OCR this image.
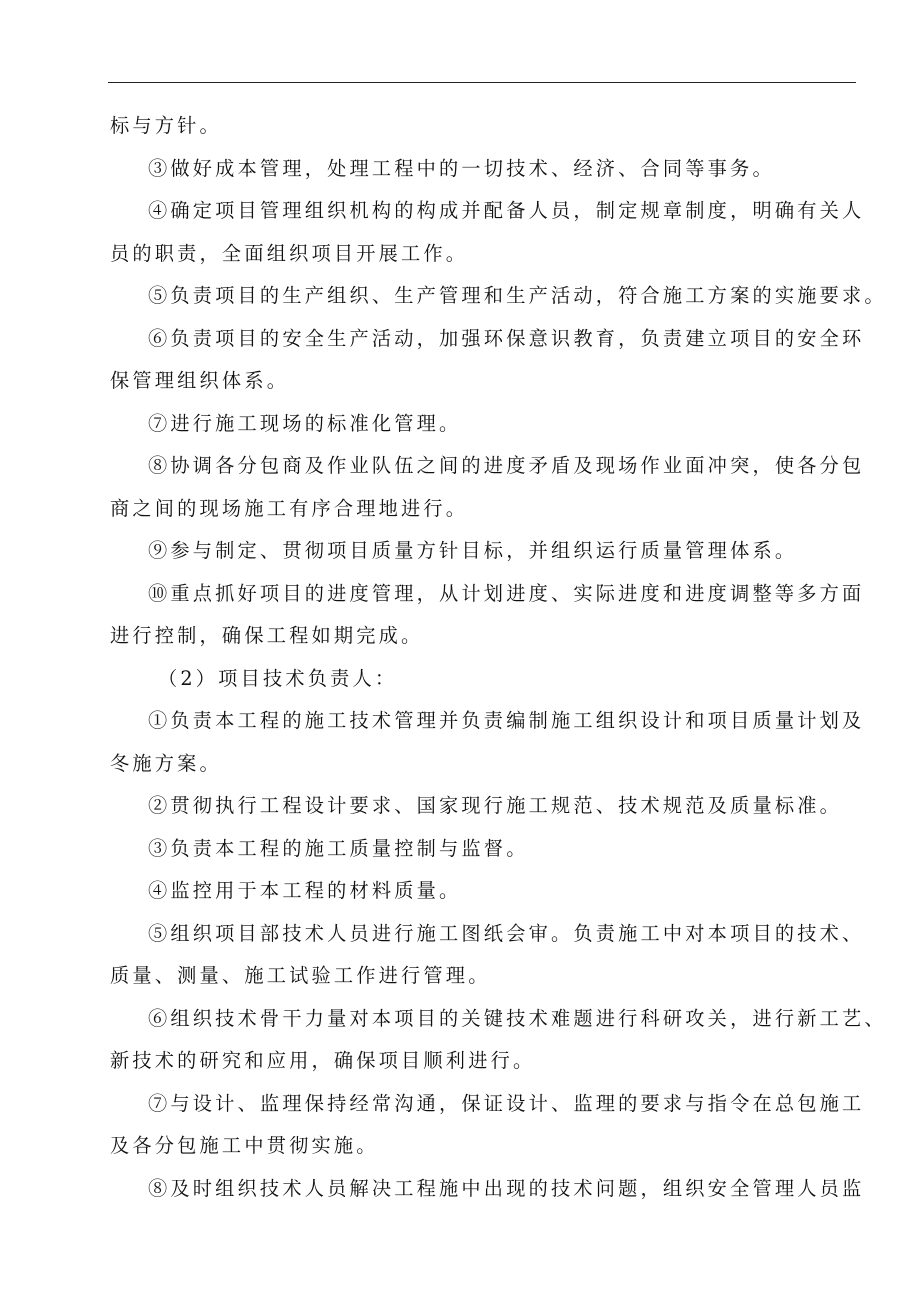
标与方针。
③做好成本管理，处理工程中的一切技术、经济、合同等事务。
④确定项目管理组织机构的构成并配备人员，制定规章制度，明确有关人
员的职责，全面组织项目开展工作。
⑤负责项目的生产组织、生产管理和生产活动，符合施工方案的实施要求。
⑥负责项目的安全生产活动，加强环保意识教育，负责建立项目的安全环
保管理组织体系。
⑦进行施工现场的标准化管理。
⑧协调各分包商及作业队伍之间的进度矛盾及现场作业面冲突，使各分包
商之间的现场施工有序合理地进行。
⑨参与制定、贯彻项目质量方针目标，并组织运行质量管理体系。
⑩重点抓好项目的进度管理，从计划进度、实际进度和进度调整等多方面
进行控制，确保工程如期完成。
（2）项目技术负责人：
①负责本工程的施工技术管理并负责编制施工组织设计和项目质量计划及
冬施方案。
②贯彻执行工程设计要求、国家现行施工规范、技术规范及质量标准。
③负责本工程的施工质量控制与监督。
④监控用于本工程的材料质量。
⑤组织项目部技术人员进行施工图纸会审。负责施工中对本项目的技术、
质量、测量、施工试验工作进行管理。
⑥组织技术骨干力量对本项目的关键技术难题进行科研攻关，进行新工艺、
新技术的研究和应用，确保项目顺利进行。
⑦与设计、监理保持经常沟通，保证设计、监理的要求与指令在总包施工
及各分包施工中贯彻实施。
⑧及时组织技术人员解决工程施中出现的技术问题，组织安全管理人员监
